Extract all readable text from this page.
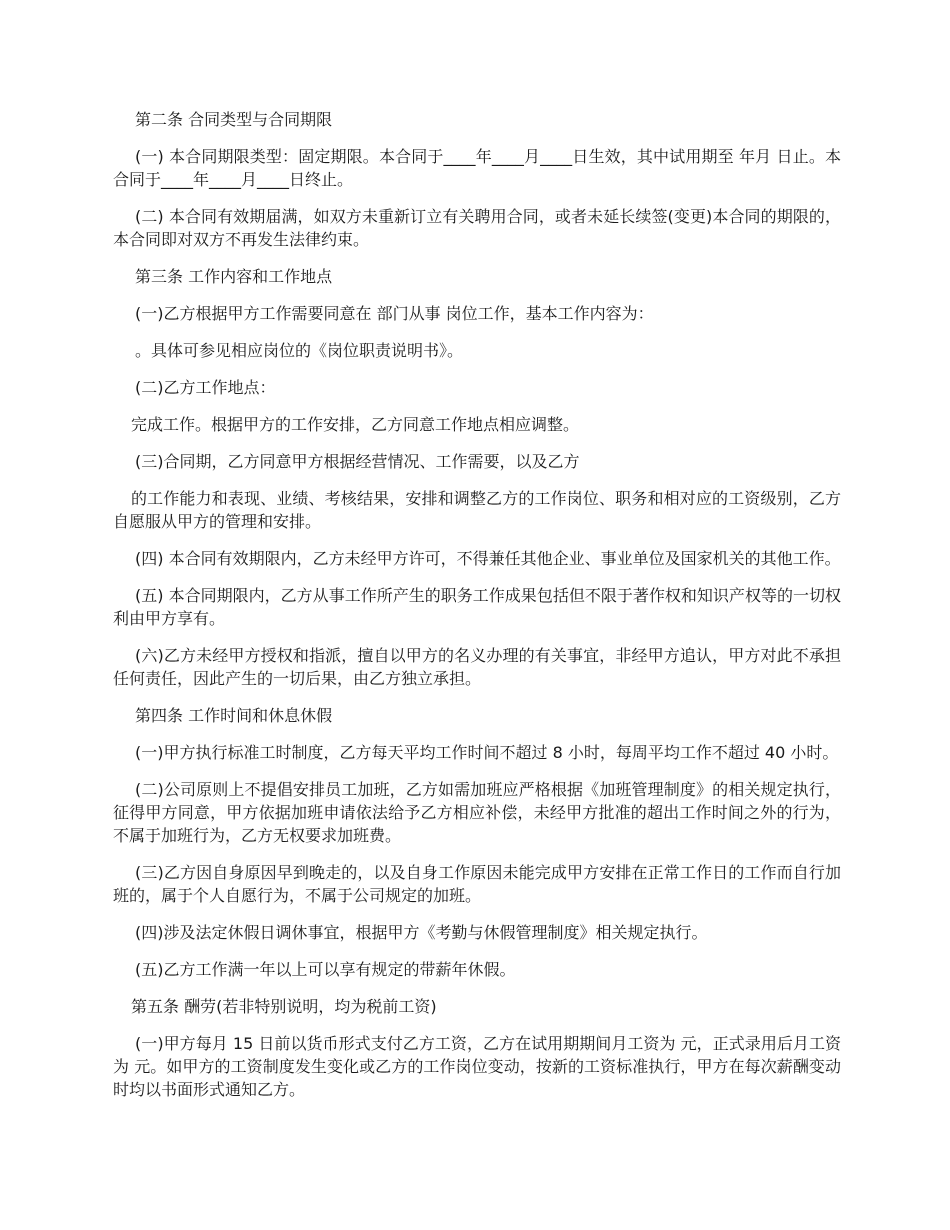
第二条 合同类型与合同期限

(一) 本合同期限类型：固定期限。本合同于____年____月____日生效，其中试用期至 年月 日止。本合同于____年____月____日终止。

(二) 本合同有效期届满，如双方未重新订立有关聘用合同，或者未延长续签(变更)本合同的期限的，本合同即对双方不再发生法律约束。

第三条 工作内容和工作地点

(一)乙方根据甲方工作需要同意在 部门从事 岗位工作，基本工作内容为：

。具体可参见相应岗位的《岗位职责说明书》。

(二)乙方工作地点：

完成工作。根据甲方的工作安排，乙方同意工作地点相应调整。

(三)合同期，乙方同意甲方根据经营情况、工作需要，以及乙方

的工作能力和表现、业绩、考核结果，安排和调整乙方的工作岗位、职务和相对应的工资级别，乙方自愿服从甲方的管理和安排。

(四) 本合同有效期限内，乙方未经甲方许可，不得兼任其他企业、事业单位及国家机关的其他工作。

(五) 本合同期限内，乙方从事工作所产生的职务工作成果包括但不限于著作权和知识产权等的一切权利由甲方享有。

(六)乙方未经甲方授权和指派，擅自以甲方的名义办理的有关事宜，非经甲方追认，甲方对此不承担任何责任，因此产生的一切后果，由乙方独立承担。

第四条 工作时间和休息休假

(一)甲方执行标准工时制度，乙方每天平均工作时间不超过 8 小时，每周平均工作不超过 40 小时。

(二)公司原则上不提倡安排员工加班，乙方如需加班应严格根据《加班管理制度》的相关规定执行，征得甲方同意，甲方依据加班申请依法给予乙方相应补偿，未经甲方批准的超出工作时间之外的行为，不属于加班行为，乙方无权要求加班费。

(三)乙方因自身原因早到晚走的，以及自身工作原因未能完成甲方安排在正常工作日的工作而自行加班的，属于个人自愿行为，不属于公司规定的加班。

(四)涉及法定休假日调休事宜，根据甲方《考勤与休假管理制度》相关规定执行。

(五)乙方工作满一年以上可以享有规定的带薪年休假。

第五条 酬劳(若非特别说明，均为税前工资)

(一)甲方每月 15 日前以货币形式支付乙方工资，乙方在试用期期间月工资为 元，正式录用后月工资为 元。如甲方的工资制度发生变化或乙方的工作岗位变动，按新的工资标准执行，甲方在每次薪酬变动时均以书面形式通知乙方。
